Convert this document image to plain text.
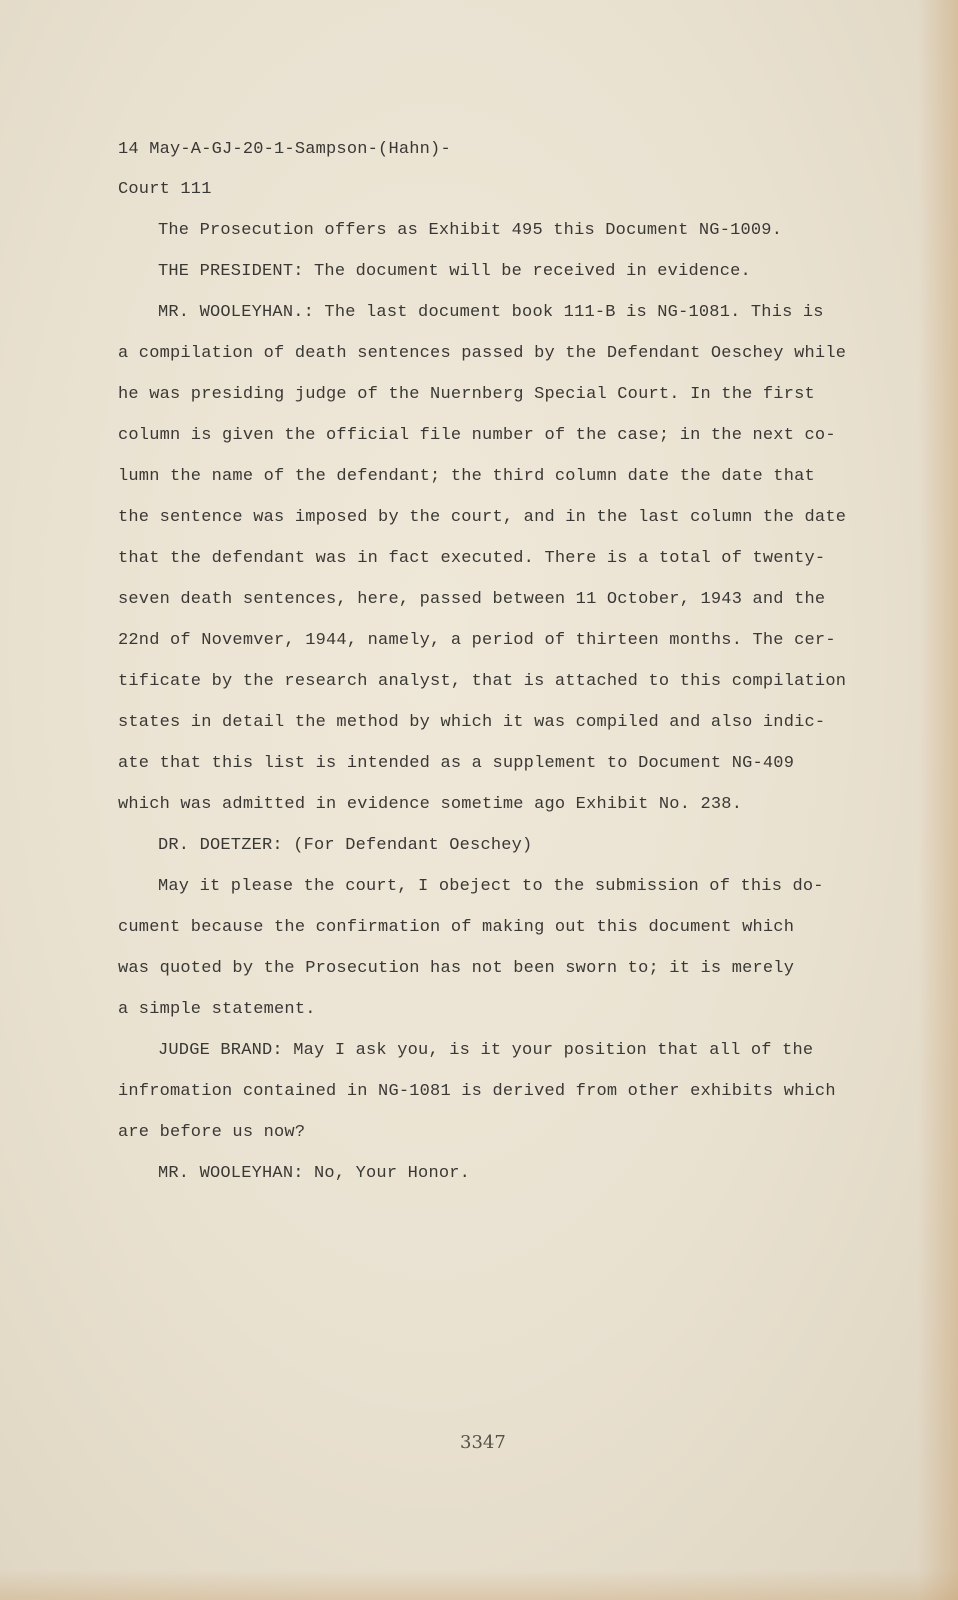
14 May-A-GJ-20-1-Sampson-(Hahn)-
Court 111
The Prosecution offers as Exhibit 495 this Document NG-1009.
THE PRESIDENT: The document will be received in evidence.
MR. WOOLEYHAN.: The last document book 111-B is NG-1081. This is
a compilation of death sentences passed by the Defendant Oeschey while
he was presiding judge of the Nuernberg Special Court. In the first
column is given the official file number of the case; in the next co-
lumn the name of the defendant; the third column date the date that
the sentence was imposed by the court, and in the last column the date
that the defendant was in fact executed. There is a total of twenty-
seven death sentences, here, passed between 11 October, 1943 and the
22nd of Novemver, 1944, namely, a period of thirteen months. The cer-
tificate by the research analyst, that is attached to this compilation
states in detail the method by which it was compiled and also indic-
ate that this list is intended as a supplement to Document NG-409
which was admitted in evidence sometime ago Exhibit No. 238.
DR. DOETZER: (For Defendant Oeschey)
May it please the court, I obeject to the submission of this do-
cument because the confirmation of making out this document which
was quoted by the Prosecution has not been sworn to; it is merely
a simple statement.
JUDGE BRAND: May I ask you, is it your position that all of the
infromation contained in NG-1081 is derived from other exhibits which
are before us now?
MR. WOOLEYHAN: No, Your Honor.
3347
